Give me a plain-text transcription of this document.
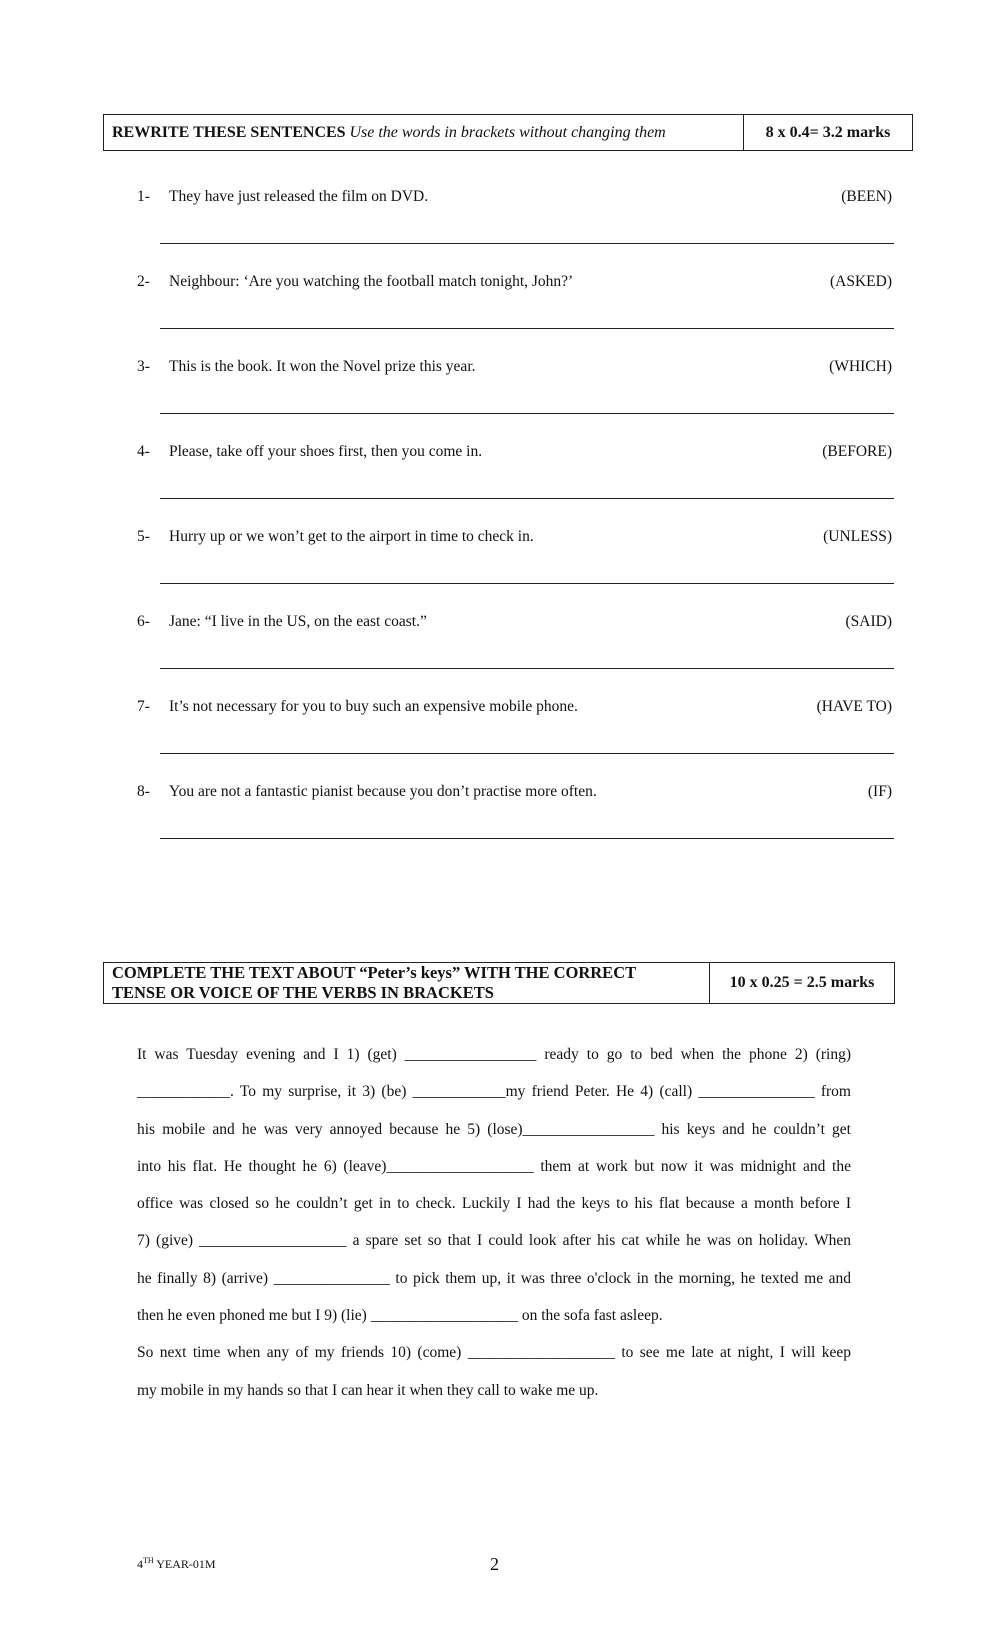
REWRITE THESE SENTENCES
Use the words in brackets without changing them	8 x 0.4= 3.2 marks
1- They have just released the film on DVD.	(BEEN)
2- Neighbour: ‘Are you watching the football match tonight, John?’	(ASKED)
3- This is the book. It won the Novel prize this year.	(WHICH)
4- Please, take off your shoes first, then you come in.	(BEFORE)
5- Hurry up or we won’t get to the airport in time to check in.	(UNLESS)
6- Jane: “I live in the US, on the east coast.”	(SAID)
7- It’s not necessary for you to buy such an expensive mobile phone.	(HAVE TO)
8- You are not a fantastic pianist because you don’t practise more often.	(IF)
COMPLETE THE TEXT ABOUT “Peter’s keys” WITH THE CORRECT
TENSE OR VOICE OF THE VERBS IN BRACKETS
10 x 0.25 = 2.5 marks
It was Tuesday evening and I 1) (get) _________________ ready to go to bed when the phone 2) (ring)
____________. To my surprise, it 3) (be) ____________my friend Peter. He 4) (call) _______________ from
his mobile and he was very annoyed because he 5) (lose)_________________ his keys and he couldn’t get
into his flat. He thought he 6) (leave)___________________ them at work but now it was midnight and the
office was closed so he couldn’t get in to check. Luckily I had the keys to his flat because a month before I
7) (give) ___________________ a spare set so that I could look after his cat while he was on holiday. When
he finally 8) (arrive) _______________ to pick them up, it was three o'clock in the morning, he texted me and
then he even phoned me but I 9) (lie) ___________________ on the sofa fast asleep.
So next time when any of my friends 10) (come) ___________________ to see me late at night, I will keep
my mobile in my hands so that I can hear it when they call to wake me up.
4TH YEAR-01M	2
